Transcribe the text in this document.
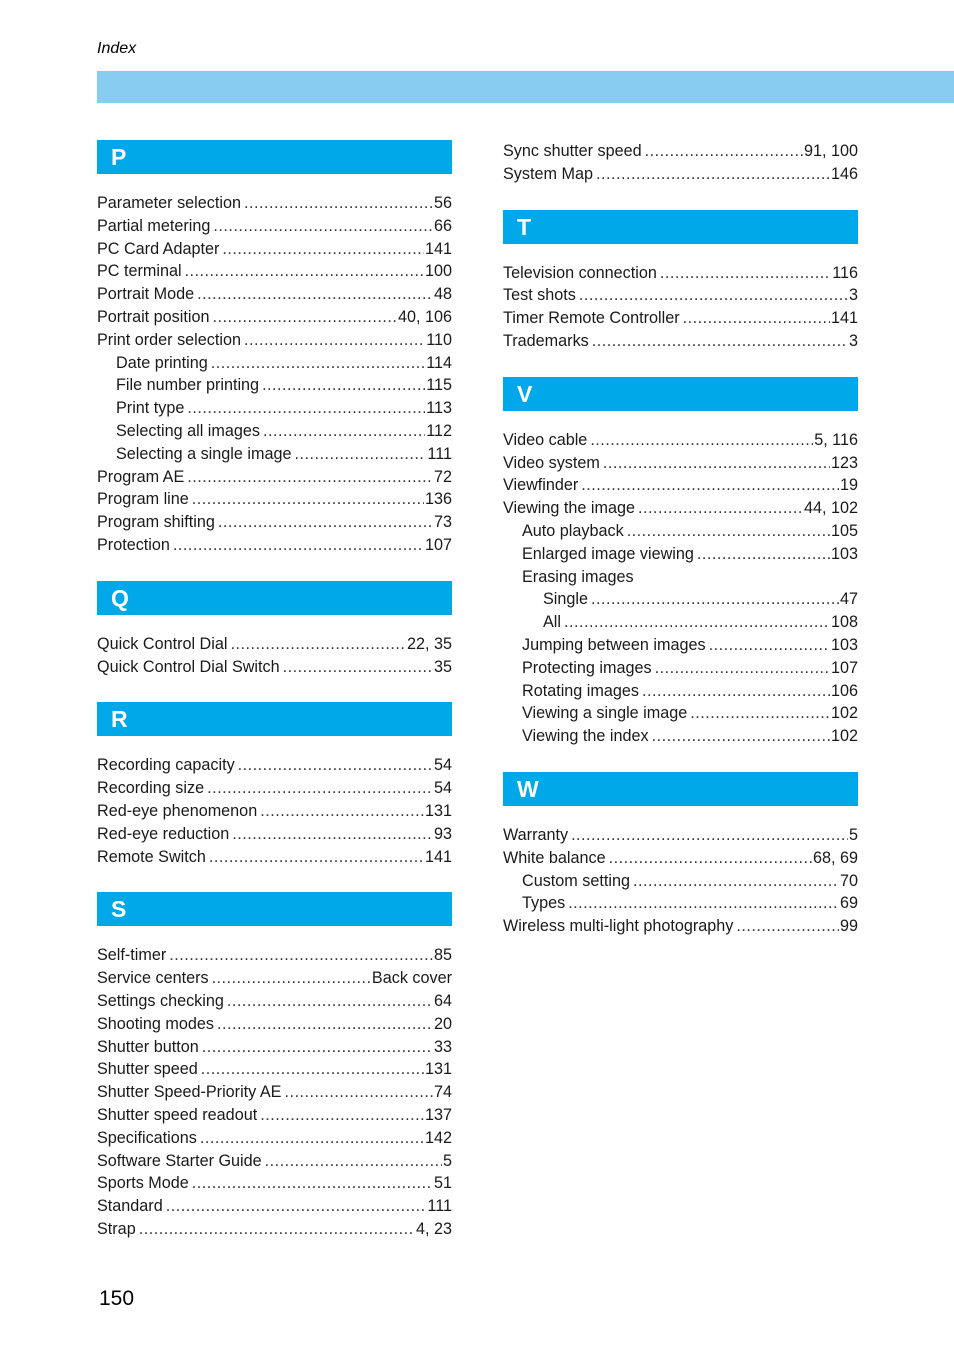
Index
P
Parameter selection .....	56
Partial metering .....	66
PC Card Adapter .....	141
PC terminal .....	100
Portrait Mode .....	48
Portrait position .....	40, 106
Print order selection .....	110
Date printing .....	114
File number printing .....	115
Print type .....	113
Selecting all images .....	112
Selecting a single image .....	111
Program AE .....	72
Program line .....	136
Program shifting .....	73
Protection .....	107
Q
Quick Control Dial .....	22, 35
Quick Control Dial Switch .....	35
R
Recording capacity .....	54
Recording size .....	54
Red-eye phenomenon .....	131
Red-eye reduction .....	93
Remote Switch .....	141
S
Self-timer .....	85
Service centers .....	Back cover
Settings checking .....	64
Shooting modes .....	20
Shutter button .....	33
Shutter speed .....	131
Shutter Speed-Priority AE .....	74
Shutter speed readout .....	137
Specifications .....	142
Software Starter Guide .....	5
Sports Mode .....	51
Standard .....	111
Strap .....	4, 23
Sync shutter speed .....	91, 100
System Map .....	146
T
Television connection .....	116
Test shots .....	3
Timer Remote Controller .....	141
Trademarks .....	3
V
Video cable .....	5, 116
Video system .....	123
Viewfinder .....	19
Viewing the image .....	44, 102
Auto playback .....	105
Enlarged image viewing .....	103
Erasing images
Single .....	47
All .....	108
Jumping between images .....	103
Protecting images .....	107
Rotating images .....	106
Viewing a single image .....	102
Viewing the index .....	102
W
Warranty .....	5
White balance .....	68, 69
Custom setting .....	70
Types .....	69
Wireless multi-light photography .....	99
150
